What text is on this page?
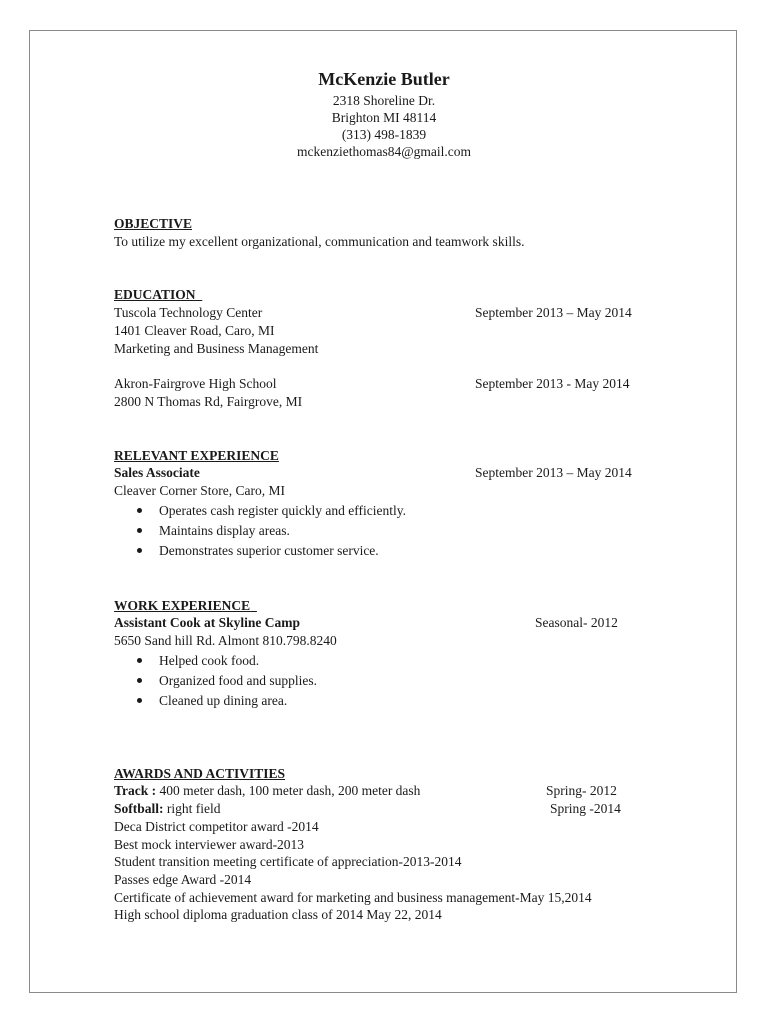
McKenzie Butler
2318 Shoreline Dr.
Brighton MI 48114
(313) 498-1839
mckenziethomas84@gmail.com
OBJECTIVE
To utilize my excellent organizational, communication and teamwork skills.
EDUCATION
Tuscola Technology Center	September 2013 – May 2014
1401 Cleaver Road, Caro, MI
Marketing and Business Management
Akron-Fairgrove High School	September 2013 - May 2014
2800 N Thomas Rd, Fairgrove, MI
RELEVANT EXPERIENCE
Sales Associate	September 2013 – May 2014
Cleaver Corner Store, Caro, MI
Operates cash register quickly and efficiently.
Maintains display areas.
Demonstrates superior customer service.
WORK EXPERIENCE
Assistant Cook at Skyline Camp	Seasonal- 2012
5650 Sand hill Rd. Almont 810.798.8240
Helped cook food.
Organized food and supplies.
Cleaned up dining area.
AWARDS AND ACTIVITIES
Track : 400 meter dash, 100 meter dash, 200 meter dash	Spring- 2012
Softball: right field	Spring -2014
Deca District competitor award -2014
Best mock interviewer award-2013
Student transition meeting certificate of appreciation-2013-2014
Passes edge Award -2014
Certificate of achievement award for marketing and business management-May 15,2014
High school diploma graduation class of 2014 May 22, 2014
